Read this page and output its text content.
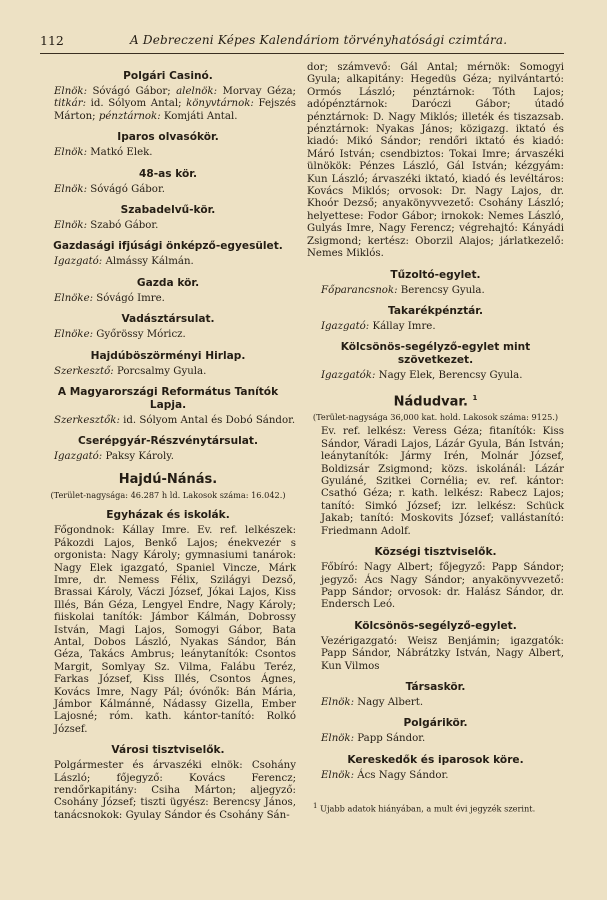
112	A Debreczeni Képes Kalendáriom törvényhatósági czimtára.
Polgári Casinó.

Elnök: Sóvágó Gábor; alelnök: Morvay Géza; titkár: id. Sólyom Antal; könyvtárnok: Fejszés Márton; pénztárnok: Komjáti Antal.

Iparos olvasókör.

Elnök: Matkó Elek.

48-as kör.

Elnök: Sóvágó Gábor.

Szabadelvű-kör.

Elnök: Szabó Gábor.

Gazdasági ifjúsági önképző-egyesület.

Igazgató: Almássy Kálmán.

Gazda kör.

Elnöke: Sóvágó Imre.

Vadásztársulat.

Elnöke: Győrössy Móricz.

Hajdúböszörményi Hirlap.

Szerkesztő: Porcsalmy Gyula.

A Magyarországi Református Tanítók Lapja.

Szerkesztők: id. Sólyom Antal és Dobó Sándor.

Cserépgyár-Részvénytársulat.

Igazgató: Paksy Károly.

Hajdú-Nánás.

(Terület-nagysága: 46.287 h ld. Lakosok száma: 16.042.)

Egyházak és iskolák.

Főgondnok: Kállay Imre. Ev. ref. lelkészek: Pákozdi Lajos, Benkő Lajos; énekvezér s orgonista: Nagy Károly; gymnasiumi tanárok: Nagy Elek igazgató, Spaniel Vincze, Márk Imre, dr. Nemess Félix, Szilágyi Dezső, Brassai Károly, Váczi József, Jókai Lajos, Kiss Illés, Bán Géza, Lengyel Endre, Nagy Károly; fiiskolai tanítók: Jámbor Kálmán, Dobrossy István, Magi Lajos, Somogyi Gábor, Bata Antal, Dobos László, Nyakas Sándor, Bán Géza, Takács Ambrus; leánytanítók: Csontos Margit, Somlyay Sz. Vilma, Falábu Teréz, Farkas József, Kiss Illés, Csontos Ágnes, Kovács Imre, Nagy Pál; óvónők: Bán Mária, Jámbor Kálmánné, Nádassy Gizella, Ember Lajosné; róm. kath. kántor-tanító: Rolkó József.

Városi tisztviselők.

Polgármester és árvaszéki elnök: Csohány László; főjegyző: Kovács Ferencz; rendőrkapitány: Csiha Márton; aljegyző: Csohány József; tiszti ügyész: Berencsy János, tanácsnokok: Gyulay Sándor és Csohány Sán-

dor; számvevő: Gál Antal; mérnök: Somogyi Gyula; alkapitány: Hegedüs Géza; nyilvántartó: Ormós László; pénztárnok: Tóth Lajos; adópénztárnok: Daróczi Gábor; útadó pénztárnok: D. Nagy Miklós; illeték és tiszazsab. pénztárnok: Nyakas János; közigazg. iktató és kiadó: Mikó Sándor; rendőri iktató és kiadó: Máró István; csendbiztos: Tokai Imre; árvaszéki ülnökök: Pénzes László, Gál István; kézgyám: Kun László; árvaszéki iktató, kiadó és levéltáros: Kovács Miklós; orvosok: Dr. Nagy Lajos, dr. Khoór Dezső; anyakönyvvezető: Csohány László; helyettese: Fodor Gábor; irnokok: Nemes László, Gulyás Imre, Nagy Ferencz; végrehajtó: Kányádi Zsigmond; kertész: Oborzil Alajos; járlatkezelő: Nemes Miklós.

Tűzoltó-egylet.

Főparancsnok: Berencsy Gyula.

Takarékpénztár.

Igazgató: Kállay Imre.

Kölcsönös-segélyző-egylet mint szövetkezet.

Igazgatók: Nagy Elek, Berencsy Gyula.

Nádudvar. $^1$

(Terület-nagysága 36,000 kat. hold. Lakosok száma: 9125.)

Ev. ref. lelkész: Veress Géza; fitanítók: Kiss Sándor, Váradi Lajos, Lázár Gyula, Bán István; leánytanítók: Jármy Irén, Molnár József, Boldizsár Zsigmond; közs. iskolánál: Lázár Gyuláné, Szitkei Cornélia; ev. ref. kántor: Csathó Géza; r. kath. lelkész: Rabecz Lajos; tanító: Simkó József; izr. lelkész: Schück Jakab; tanító: Moskovits József; vallástanító: Friedmann Adolf.

Községi tisztviselők.

Főbíró: Nagy Albert; főjegyző: Papp Sándor; jegyző: Ács Nagy Sándor; anyakönyvvezető: Papp Sándor; orvosok: dr. Halász Sándor, dr. Endersch Leó.

Kölcsönös-segélyző-egylet.

Vezérigazgató: Weisz Benjámin; igazgatók: Papp Sándor, Nábrátzky István, Nagy Albert, Kun Vilmos

Társaskör.

Elnök: Nagy Albert.

Polgárikör.

Elnök: Papp Sándor.

Kereskedők és iparosok köre.

Elnök: Ács Nagy Sándor.

1 Ujabb adatok hiányában, a mult évi jegyzék szerint.
